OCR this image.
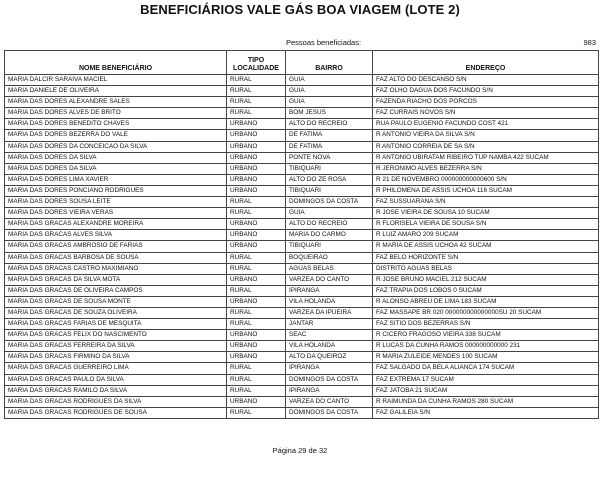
BENEFICIÁRIOS VALE GÁS BOA VIAGEM (LOTE 2)
Pessoas beneficiadas:	983
NOME BENEFICIÁRIO	TIPO LOCALIDADE	BAIRRO	ENDEREÇO
MARIA DALCIR SARAIVA MACIEL	RURAL	GUIA	FAZ ALTO DO DESCANSO S/N
MARIA DANIELE DE OLIVEIRA	RURAL	GUIA	FAZ OLHO DAGUA DOS FACUNDO S/N
MARIA DAS DORES ALEXANDRE SALES	RURAL	GUIA	FAZENDA RIACHO DOS PORCOS
MARIA DAS DORES ALVES DE BRITO	RURAL	BOM JESUS	FAZ CURRAIS NOVOS S/N
MARIA DAS DORES BENEDITO CHAVES	URBANO	ALTO DO RECREIO	RUA PAULO EUGENIO FACUNDO COST 421
MARIA DAS DORES BEZERRA DO VALE	URBANO	DE FATIMA	R ANTONIO VIEIRA DA SILVA S/N
MARIA DAS DORES DA CONCEICAO DA SILVA	URBANO	DE FATIMA	R ANTONIO CORREIA DE SA S/N
MARIA DAS DORES DA SILVA	URBANO	PONTE NOVA	R ANTONIO UBIRATAM RIBEIRO TUP NAMBA 422 SUCAM
MARIA DAS DORES DA SILVA	URBANO	TIBIQUARI	R JERONIMO ALVES BEZERRA S/N
MARIA DAS DORES LIMA XAVIER	URBANO	ALTO DO ZE ROSA	R 21 DE NOVEMBRO 000000000000600 S/N
MARIA DAS DORES PONCIANO RODRIGUES	URBANO	TIBIQUARI	R PHILOMENA DE ASSIS UCHOA 116 SUCAM
MARIA DAS DORES SOUSA LEITE	RURAL	DOMINGOS DA COSTA	FAZ SUSSUARANA S/N
MARIA DAS DORES VIEIRA VERAS	RURAL	GUIA	R JOSE VIEIRA DE SOUSA 10 SUCAM
MARIA DAS GRACAS ALEXANDRE MOREIRA	URBANO	ALTO DO RECREIO	R FLORISELA VIEIRA DE SOUSA S/N
MARIA DAS GRACAS ALVES SILVA	URBANO	MARIA DO CARMO	R LUIZ AMARO 209 SUCAM
MARIA DAS GRACAS AMBROSIO DE FARIAS	URBANO	TIBIQUARI	R MARIA DE ASSIS UCHOA 42 SUCAM
MARIA DAS GRACAS BARBOSA DE SOUSA	RURAL	BOQUEIRAO	FAZ BELO HORIZONTE S/N
MARIA DAS GRACAS CASTRO MAXIMIANO	RURAL	AGUAS BELAS	DISTRITO AGUAS BELAS
MARIA DAS GRACAS DA SILVA MOTA	URBANO	VARZEA DO CANTO	R JOSE BRUNO MACIEL 212 SUCAM
MARIA DAS GRACAS DE OLIVEIRA CAMPOS	RURAL	IPIRANGA	FAZ TRAPIA DOS LOBOS 0 SUCAM
MARIA DAS GRACAS DE SOUSA MONTE	URBANO	VILA HOLANDA	R ALONSO ABREU DE LIMA 183 SUCAM
MARIA DAS GRACAS DE SOUZA OLIVEIRA	RURAL	VARZEA DA IPUEIRA	FAZ MASSAPE BR 020 000000000000000SU 20 SUCAM
MARIA DAS GRACAS FARIAS DE MESQUITA	RURAL	JANTAR	FAZ SITIO DOS BEZERRAS S/N
MARIA DAS GRACAS FELIX DO NASCIMENTO	URBANO	SEAC	R CICERO FRAGOSO VIEIRA 338 SUCAM
MARIA DAS GRACAS FERREIRA DA SILVA	URBANO	VILA HOLANDA	R LUCAS DA CUNHA RAMOS 000000000000 231
MARIA DAS GRACAS FIRMINO DA SILVA	URBANO	ALTO DA QUEIROZ	R MARIA ZULEIDE MENDES 100 SUCAM
MARIA DAS GRACAS GUERREIRO LIMA	RURAL	IPIRANGA	FAZ SALGADO DA BELA ALIANCA 174 SUCAM
MARIA DAS GRACAS PAULO DA SILVA	RURAL	DOMINGOS DA COSTA	FAZ EXTREMA 17 SUCAM
MARIA DAS GRACAS RAMILO DA SILVA	RURAL	IPIRANGA	FAZ JATOBA 21 SUCAM
MARIA DAS GRACAS RODRIGUES DA SILVA	URBANO	VARZEA DO CANTO	R RAIMUNDA DA CUNHA RAMOS 280 SUCAM
MARIA DAS GRACAS RODRIGUES DE SOUSA	RURAL	DOMINGOS DA COSTA	FAZ GALILEIA S/N
Página 29 de 32
